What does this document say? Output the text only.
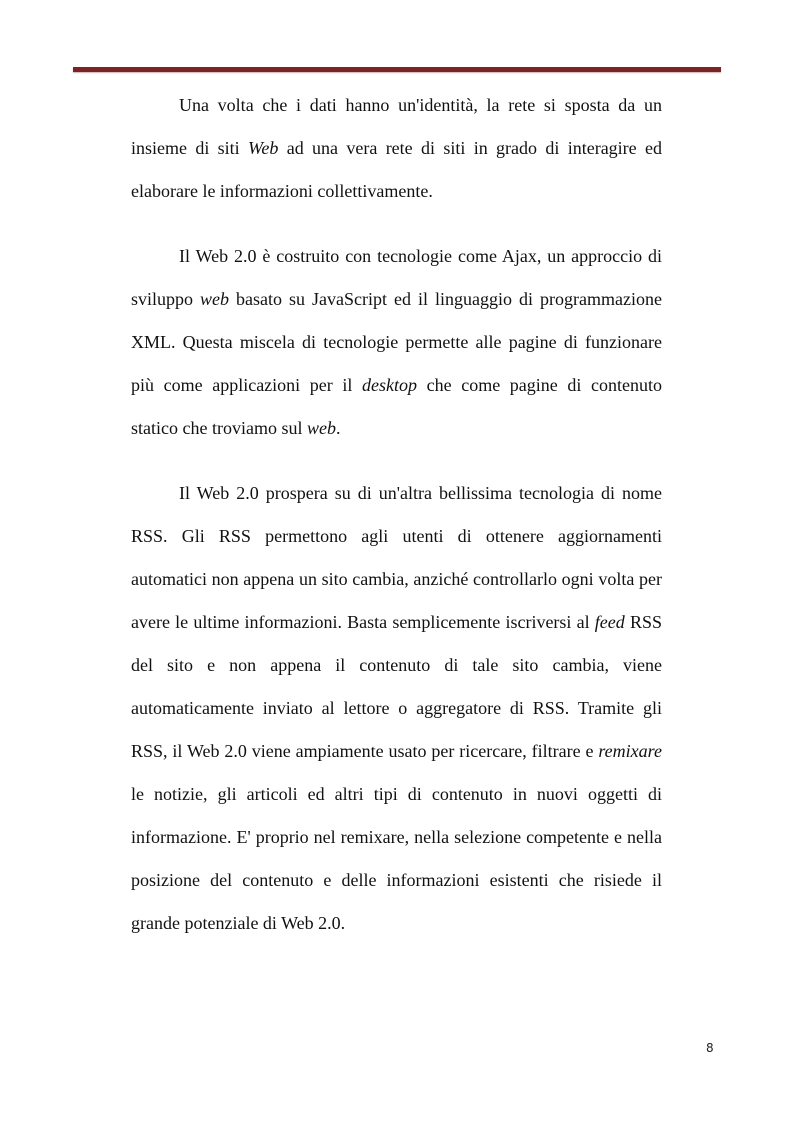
Una volta che i dati hanno un'identità, la rete si sposta da un insieme di siti Web ad una vera rete di siti in grado di interagire ed elaborare le informazioni collettivamente.

Il Web 2.0 è costruito con tecnologie come Ajax, un approccio di sviluppo web basato su JavaScript ed il linguaggio di programmazione XML. Questa miscela di tecnologie permette alle pagine di funzionare più come applicazioni per il desktop che come pagine di contenuto statico che troviamo sul web.

Il Web 2.0 prospera su di un'altra bellissima tecnologia di nome RSS. Gli RSS permettono agli utenti di ottenere aggiornamenti automatici non appena un sito cambia, anziché controllarlo ogni volta per avere le ultime informazioni. Basta semplicemente iscriversi al feed RSS del sito e non appena il contenuto di tale sito cambia, viene automaticamente inviato al lettore o aggregatore di RSS. Tramite gli RSS, il Web 2.0 viene ampiamente usato per ricercare, filtrare e remixare le notizie, gli articoli ed altri tipi di contenuto in nuovi oggetti di informazione. E' proprio nel remixare, nella selezione competente e nella posizione del contenuto e delle informazioni esistenti che risiede il grande potenziale di Web 2.0.

8
